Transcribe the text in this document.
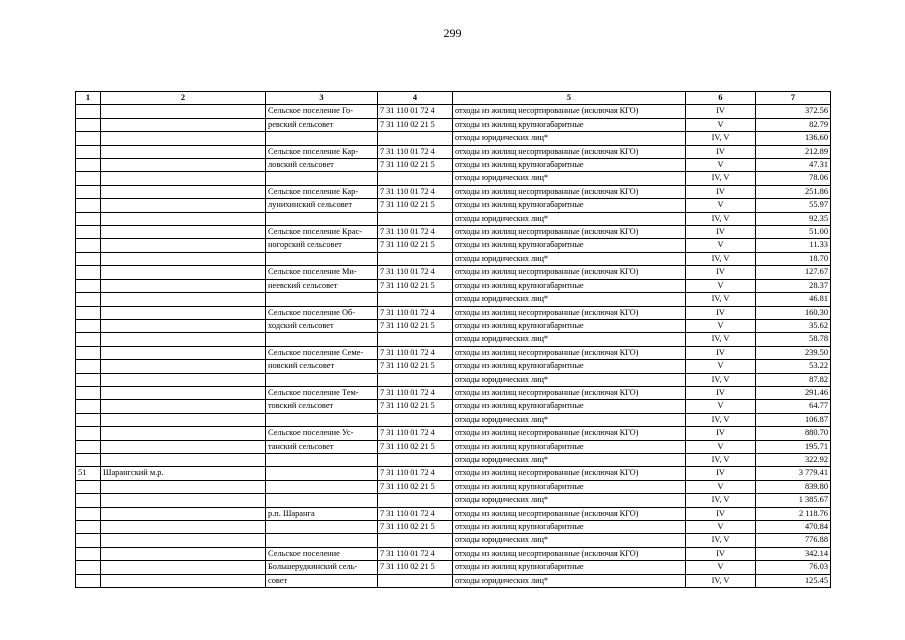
299
1	2	3	4	5	6	7
		Сельское поселение Го-	7 31 110 01 72 4	отходы из жилищ несортированные (исключая КГО)	IV	372.56
		ревский сельсовет	7 31 110 02 21 5	отходы из жилищ крупногабаритные	V	82.79
				отходы юридических лиц*	IV, V	136.60
		Сельское поселение Кар-	7 31 110 01 72 4	отходы из жилищ несортированные (исключая КГО)	IV	212.89
		ловский сельсовет	7 31 110 02 21 5	отходы из жилищ крупногабаритные	V	47.31
				отходы юридических лиц*	IV, V	78.06
		Сельское поселение Кар-	7 31 110 01 72 4	отходы из жилищ несортированные (исключая КГО)	IV	251.86
		лунихинский сельсовет	7 31 110 02 21 5	отходы из жилищ крупногабаритные	V	55.97
				отходы юридических лиц*	IV, V	92.35
		Сельское поселение Крас-	7 31 110 01 72 4	отходы из жилищ несортированные (исключая КГО)	IV	51.00
		ногорский сельсовет	7 31 110 02 21 5	отходы из жилищ крупногабаритные	V	11.33
				отходы юридических лиц*	IV, V	18.70
		Сельское поселение Ми-	7 31 110 01 72 4	отходы из жилищ несортированные (исключая КГО)	IV	127.67
		неевский сельсовет	7 31 110 02 21 5	отходы из жилищ крупногабаритные	V	28.37
				отходы юридических лиц*	IV, V	46.81
		Сельское поселение Об-	7 31 110 01 72 4	отходы из жилищ несортированные (исключая КГО)	IV	160.30
		ходский сельсовет	7 31 110 02 21 5	отходы из жилищ крупногабаритные	V	35.62
				отходы юридических лиц*	IV, V	58.78
		Сельское поселение Семе-	7 31 110 01 72 4	отходы из жилищ несортированные (исключая КГО)	IV	239.50
		новский сельсовет	7 31 110 02 21 5	отходы из жилищ крупногабаритные	V	53.22
				отходы юридических лиц*	IV, V	87.82
		Сельское поселение Тем-	7 31 110 01 72 4	отходы из жилищ несортированные (исключая КГО)	IV	291.46
		товский сельсовет	7 31 110 02 21 5	отходы из жилищ крупногабаритные	V	64.77
				отходы юридических лиц*	IV, V	106.87
		Сельское поселение Ус-	7 31 110 01 72 4	отходы из жилищ несортированные (исключая КГО)	IV	880.70
		танский сельсовет	7 31 110 02 21 5	отходы из жилищ крупногабаритные	V	195.71
				отходы юридических лиц*	IV, V	322.92
51	Шарангский м.р.		7 31 110 01 72 4	отходы из жилищ несортированные (исключая КГО)	IV	3 779.41
			7 31 110 02 21 5	отходы из жилищ крупногабаритные	V	839.80
				отходы юридических лиц*	IV, V	1 385.67
		р.п. Шаранга	7 31 110 01 72 4	отходы из жилищ несортированные (исключая КГО)	IV	2 118.76
			7 31 110 02 21 5	отходы из жилищ крупногабаритные	V	470.84
				отходы юридических лиц*	IV, V	776.88
		Сельское поселение	7 31 110 01 72 4	отходы из жилищ несортированные (исключая КГО)	IV	342.14
		Большерудкинский сель-	7 31 110 02 21 5	отходы из жилищ крупногабаритные	V	76.03
		совет		отходы юридических лиц*	IV, V	125.45
